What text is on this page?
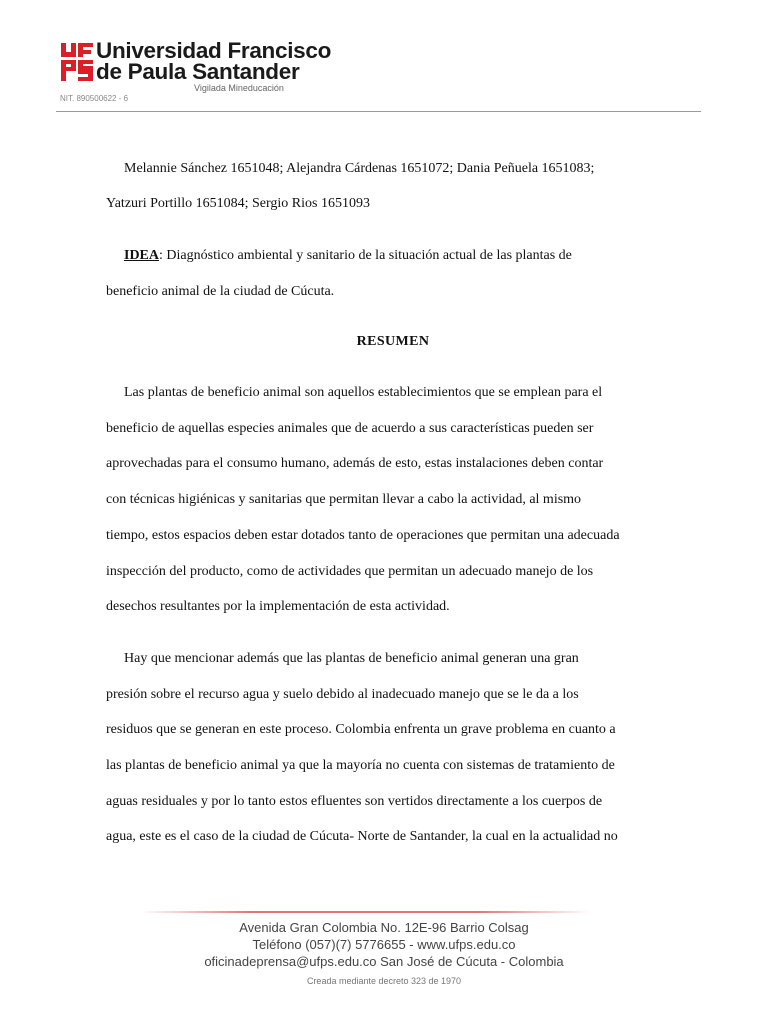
Universidad Francisco
de Paula Santander
Vigilada Mineducación
NIT. 890500622 - 6
Melannie Sánchez 1651048; Alejandra Cárdenas 1651072; Dania Peñuela 1651083;
Yatzuri Portillo 1651084; Sergio Rios 1651093
IDEA: Diagnóstico ambiental y sanitario de la situación actual de las plantas de
beneficio animal de la ciudad de Cúcuta.
RESUMEN
Las plantas de beneficio animal son aquellos establecimientos que se emplean para el
beneficio de aquellas especies animales que de acuerdo a sus características pueden ser
aprovechadas para el consumo humano, además de esto, estas instalaciones deben contar
con técnicas higiénicas y sanitarias que permitan llevar a cabo la actividad, al mismo
tiempo, estos espacios deben estar dotados tanto de operaciones que permitan una adecuada
inspección del producto, como de actividades que permitan un adecuado manejo de los
desechos resultantes por la implementación de esta actividad.
Hay que mencionar además que las plantas de beneficio animal generan una gran
presión sobre el recurso agua y suelo debido al inadecuado manejo que se le da a los
residuos que se generan en este proceso. Colombia enfrenta un grave problema en cuanto a
las plantas de beneficio animal ya que la mayoría no cuenta con sistemas de tratamiento de
aguas residuales y por lo tanto estos efluentes son vertidos directamente a los cuerpos de
agua, este es el caso de la ciudad de Cúcuta- Norte de Santander, la cual en la actualidad no
Avenida Gran Colombia No. 12E-96 Barrio Colsag
Teléfono (057)(7) 5776655 - www.ufps.edu.co
oficinadeprensa@ufps.edu.co San José de Cúcuta - Colombia
Creada mediante decreto 323 de 1970
